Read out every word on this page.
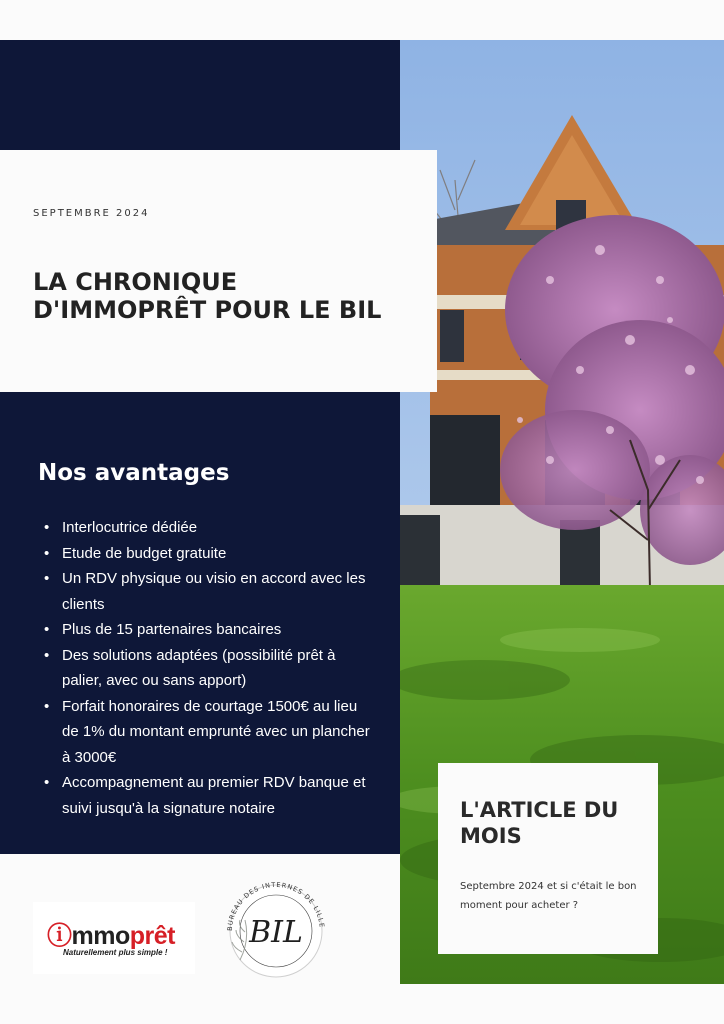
SEPTEMBRE 2024
LA CHRONIQUE D'IMMOPRÊT POUR LE BIL
Nos avantages
• Interlocutrice dédiée
• Etude de budget gratuite
• Un RDV physique ou visio en accord avec les clients
• Plus de 15 partenaires bancaires
• Des solutions adaptées (possibilité prêt à palier, avec ou sans apport)
• Forfait honoraires de courtage 1500€ au lieu de 1% du montant emprunté avec un plancher à 3000€
• Accompagnement au premier RDV banque et suivi jusqu'à la signature notaire	L'ARTICLE DU MOIS
Septembre 2024 et si c'était le bon moment pour acheter ?
ⓘmmoprêt
Naturellement plus simple !
BUREAU DES INTERNES DE LILLE
BIL
